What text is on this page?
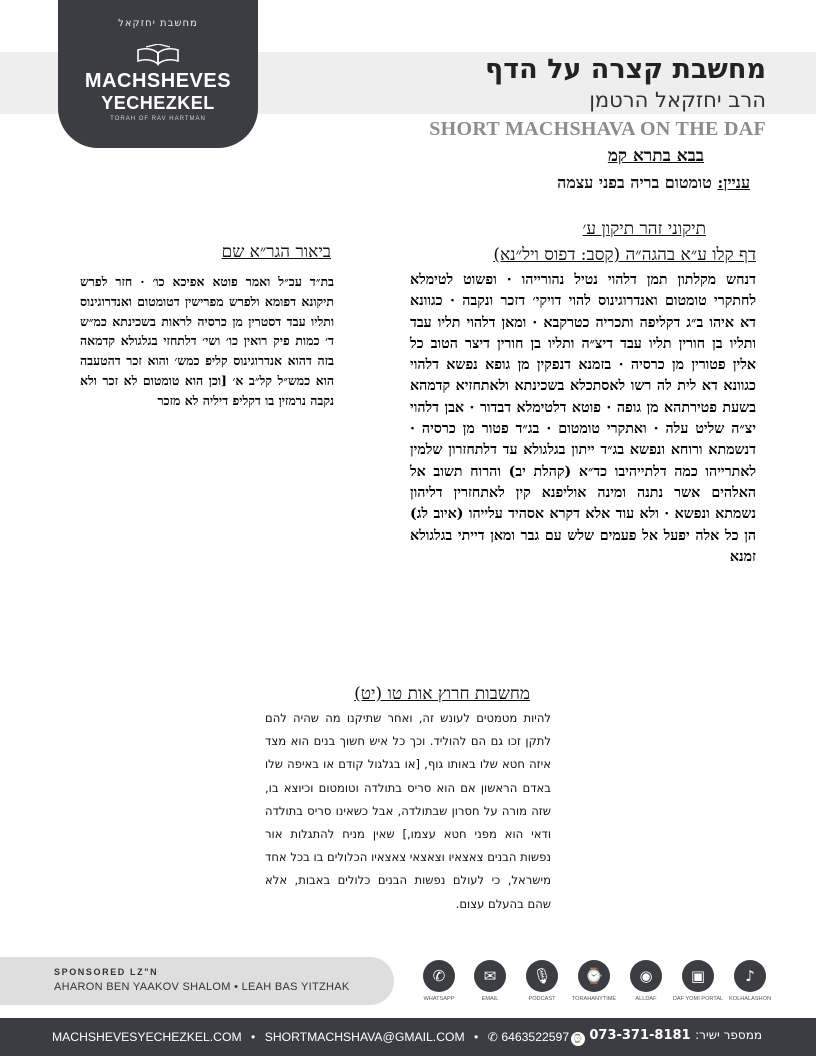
מחשבת יחזקאל
MACHSHEVES
YECHEZKEL
TORAH OF RAV HARTMAN
מחשבת קצרה על הדף
הרב יחזקאל הרטמן
SHORT MACHSHAVA ON THE DAF
בבא בתרא קמ
עניין: טומטום בריה בפני עצמה
תיקוני זהר תיקון ע׳
דף קלו ע״א בהגה״ה (קסב: דפוס ויל״נא)
דנחש מקלתון תמן דלהוי נטיל נהורייהו · ופשוט לטימלא לחתקרי טומטום ואנדרוגינוס להוי דויקי׳ דזכר ונקבה · כגוונא דא איהו ב״ג דקליפה ותכריה כטרקבא · ומאן דלהוי תליו עבד ותליו בן חורין תליו עבד דיצ״ה ותליו בן חורין דיצר הטוב כל אלין פטורין מן כרסיה · בזמנא דנפקין מן גופא נפשא דלהוי כגוונא דא לית לה רשו לאסתכלא בשכינתא ולאתחזיא קדמהא בשעת פטירתהא מן גופה · פוטא דלטימלא דבדור · אבן דלהוי יצ״ה שליט עלה · ואתקרי טומטום · בג״ד פטור מן כרסיה · דנשמתא ורוחא ונפשא בג״ד ייתון בגלגולא עד דלתחזרון שלמין לאתרייהו כמה דלתייהיבו כד״א (קהלת יב) והרוח תשוב אל האלהים אשר נתנה ומינה אוליפנא קין לאתחזרין דליהון נשמתא ונפשא · ולא עוד אלא דקרא אסהיד עלייהו (איוב לג) הן כל אלה יפעל אל פעמים שלש עם גבר ומאן דייתי בגלגולא זמנא
ביאור הגר״א שם
בת״ד עכ״ל ואמר פוטא אפיכא כו׳ · חזר לפרש תיקונא דפומא ולפרש מפרישין דטומטום ואנדרוגינוס ותליו עבד דסטרין מן כרסיה לראות בשכינתא כמ״ש ד׳ כמות פיק רואין כו׳ ושי׳ דלתחזי בגלגולא קדמאה בזה דהוא אנדרוגינוס קליפ כמש׳ והוא זכר דהטעבה הוא כמש״ל קל״ב א׳ [וכן הוא טומטום לא זכר ולא נקבה נרמזין בו דקליפ דיליה לא מזכר
מחשבות חרוץ אות טו (יט)
להיות מטמטים לעונש זה, ואחר שתיקנו מה שהיה להם לתקן זכו גם הם להוליד. וכך כל איש חשוך בנים הוא מצד איזה חטא שלו באותו גוף, [או בגלגול קודם או באיפה שלו באדם הראשון אם הוא סריס בתולדה וטומטום וכיוצא בו, שזה מורה על חסרון שבתולדה, אבל כשאינו סריס בתולדה ודאי הוא מפני חטא עצמו,] שאין מניח להתגלות אור נפשות הבנים צאצאיו וצאצאי צאצאיו הכלולים בו בכל אחד מישראל, כי לעולם נפשות הבנים כלולים באבות, אלא שהם בהעלם עצום.
SPONSORED LZ"N
AHARON BEN YAAKOV SHALOM • LEAH BAS YITZHAK
✆
WHATSAPP
✉
EMAIL
🎙
PODCAST
⌚
TORAHANYTIME
◉
ALLDAF
▣
DAF YOMI PORTAL
♪
KOLHALASHON
MACHSHEVESYECHEZKEL.COM • SHORTMACHSHAVA@GMAIL.COM • ✆ 6463522597	ממספר ישיר: 073-371-8181 ⌚
